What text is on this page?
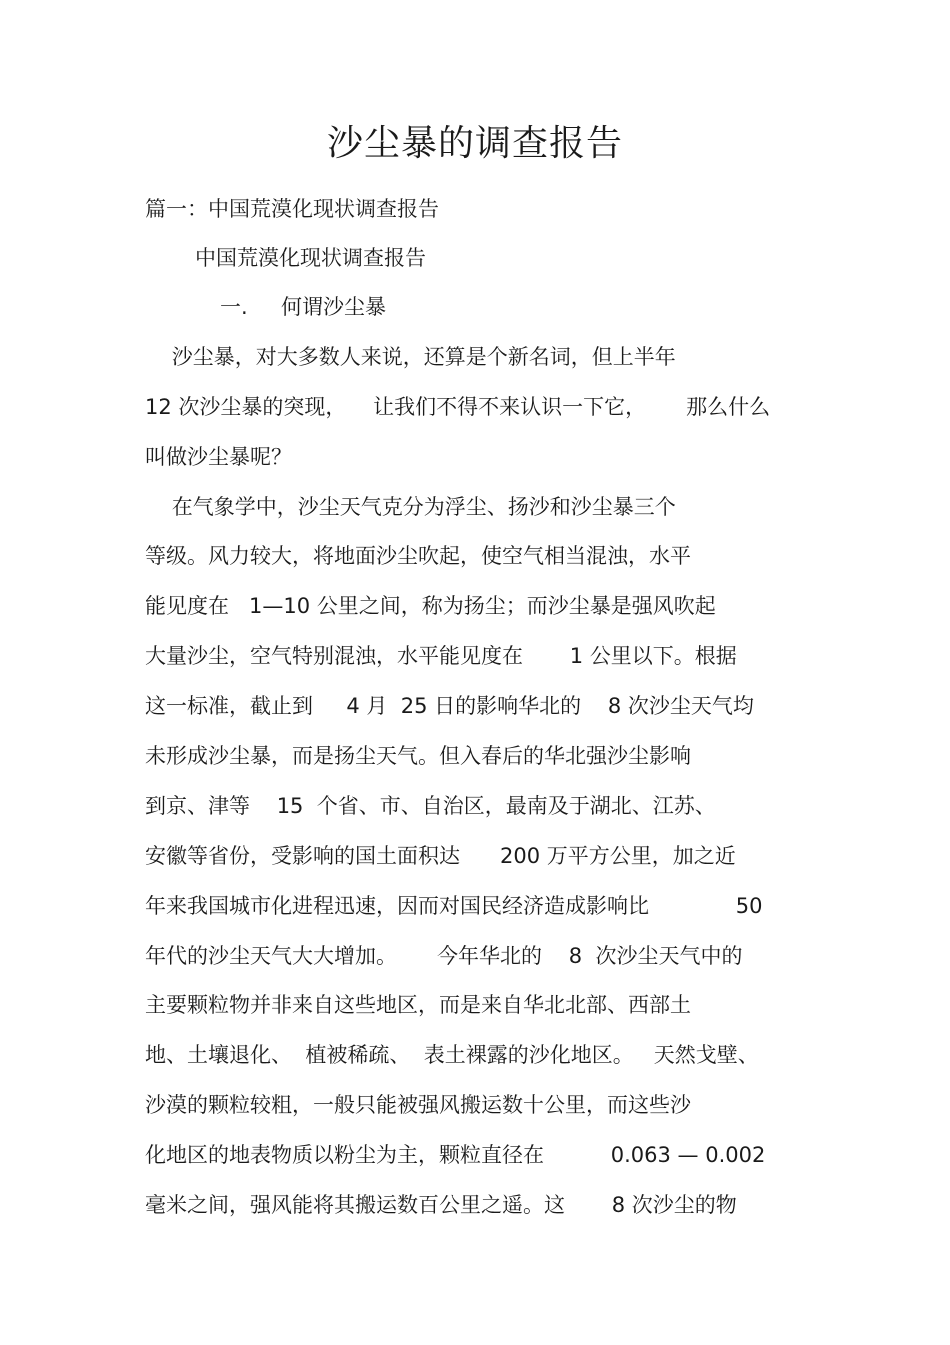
沙尘暴的调查报告

篇一：中国荒漠化现状调查报告

中国荒漠化现状调查报告

一.     何谓沙尘暴

沙尘暴，对大多数人来说，还算是个新名词，但上半年

12 次沙尘暴的突现，    让我们不得不来认识一下它，      那么什么

叫做沙尘暴呢？

在气象学中，沙尘天气克分为浮尘、扬沙和沙尘暴三个

等级。风力较大，将地面沙尘吹起，使空气相当混浊，水平

能见度在   1—10 公里之间，称为扬尘；而沙尘暴是强风吹起

大量沙尘，空气特别混浊，水平能见度在       1 公里以下。根据

这一标准，截止到     4 月  25 日的影响华北的    8 次沙尘天气均

未形成沙尘暴，而是扬尘天气。但入春后的华北强沙尘影响

到京、津等    15  个省、市、自治区，最南及于湖北、江苏、

安徽等省份，受影响的国土面积达      200 万平方公里，加之近

年来我国城市化进程迅速，因而对国民经济造成影响比             50

年代的沙尘天气大大增加。      今年华北的    8  次沙尘天气中的

主要颗粒物并非来自这些地区，而是来自华北北部、西部土

地、土壤退化、  植被稀疏、  表土裸露的沙化地区。   天然戈壁、

沙漠的颗粒较粗，一般只能被强风搬运数十公里，而这些沙

化地区的地表物质以粉尘为主，颗粒直径在          0.063 — 0.002

毫米之间，强风能将其搬运数百公里之遥。这       8 次沙尘的物
